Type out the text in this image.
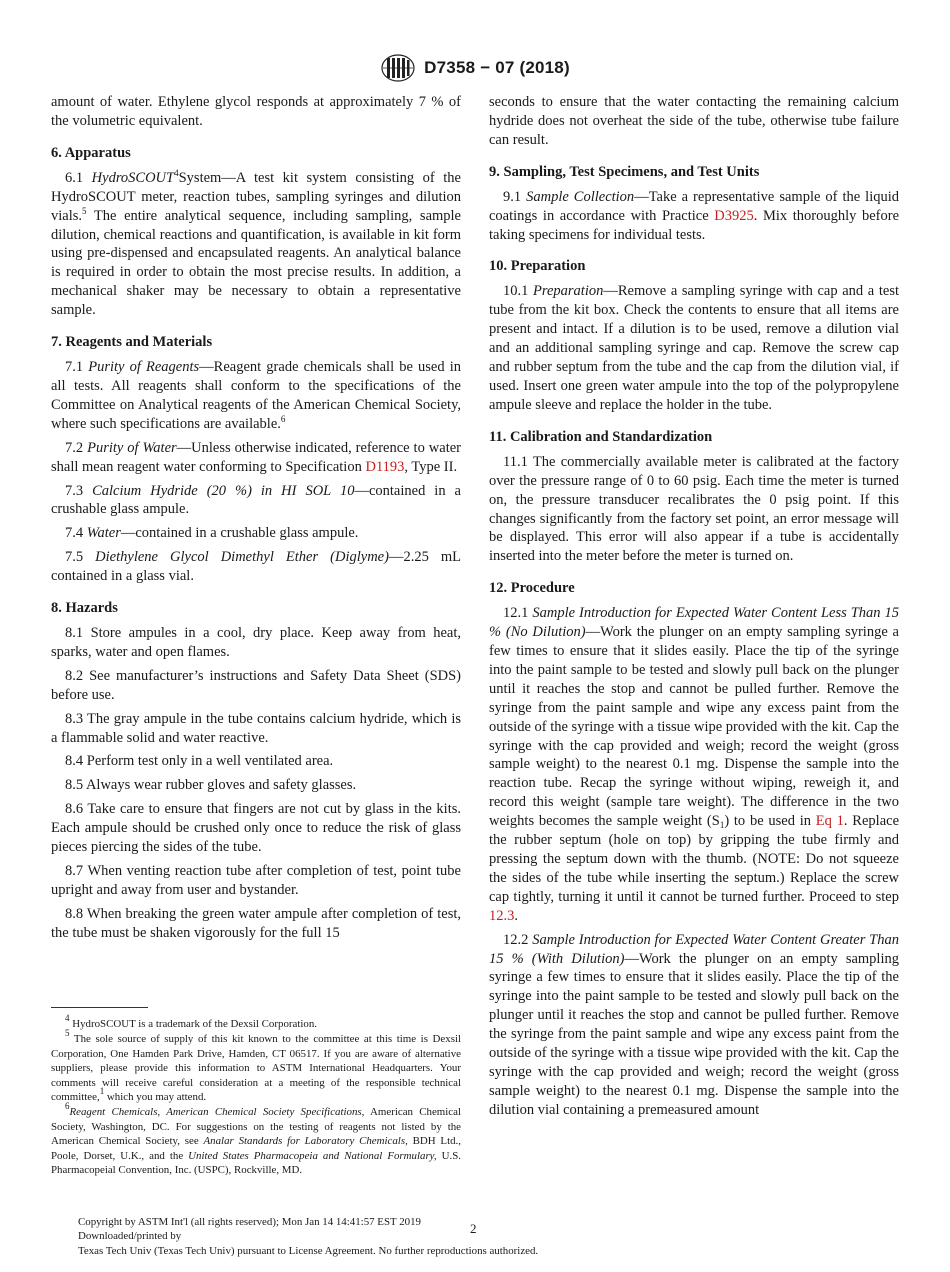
D7358 − 07 (2018)

amount of water. Ethylene glycol responds at approximately 7 % of the volumetric equivalent.

6. Apparatus

6.1 HydroSCOUT$^4$System—A test kit system consisting of the HydroSCOUT meter, reaction tubes, sampling syringes and dilution vials.$^5$ The entire analytical sequence, including sampling, sample dilution, chemical reactions and quantification, is available in kit form using pre-dispensed and encapsulated reagents. An analytical balance is required in order to obtain the most precise results. In addition, a mechanical shaker may be necessary to obtain a representative sample.

7. Reagents and Materials

7.1 Purity of Reagents—Reagent grade chemicals shall be used in all tests. All reagents shall conform to the specifications of the Committee on Analytical reagents of the American Chemical Society, where such specifications are available.$^6$

7.2 Purity of Water—Unless otherwise indicated, reference to water shall mean reagent water conforming to Specification D1193, Type II.

7.3 Calcium Hydride (20 %) in HI SOL 10—contained in a crushable glass ampule.

7.4 Water—contained in a crushable glass ampule.

7.5 Diethylene Glycol Dimethyl Ether (Diglyme)—2.25 mL contained in a glass vial.

8. Hazards

8.1 Store ampules in a cool, dry place. Keep away from heat, sparks, water and open flames.

8.2 See manufacturer’s instructions and Safety Data Sheet (SDS) before use.

8.3 The gray ampule in the tube contains calcium hydride, which is a flammable solid and water reactive.

8.4 Perform test only in a well ventilated area.

8.5 Always wear rubber gloves and safety glasses.

8.6 Take care to ensure that fingers are not cut by glass in the kits. Each ampule should be crushed only once to reduce the risk of glass pieces piercing the sides of the tube.

8.7 When venting reaction tube after completion of test, point tube upright and away from user and bystander.

8.8 When breaking the green water ampule after completion of test, the tube must be shaken vigorously for the full 15

$^4$ HydroSCOUT is a trademark of the Dexsil Corporation.

$^5$ The sole source of supply of this kit known to the committee at this time is Dexsil Corporation, One Hamden Park Drive, Hamden, CT 06517. If you are aware of alternative suppliers, please provide this information to ASTM International Headquarters. Your comments will receive careful consideration at a meeting of the responsible technical committee,$^1$ which you may attend.

$^6$Reagent Chemicals, American Chemical Society Specifications, American Chemical Society, Washington, DC. For suggestions on the testing of reagents not listed by the American Chemical Society, see Analar Standards for Laboratory Chemicals, BDH Ltd., Poole, Dorset, U.K., and the United States Pharmacopeia and National Formulary, U.S. Pharmacopeial Convention, Inc. (USPC), Rockville, MD.

seconds to ensure that the water contacting the remaining calcium hydride does not overheat the side of the tube, otherwise tube failure can result.

9. Sampling, Test Specimens, and Test Units

9.1 Sample Collection—Take a representative sample of the liquid coatings in accordance with Practice D3925. Mix thoroughly before taking specimens for individual tests.

10. Preparation

10.1 Preparation—Remove a sampling syringe with cap and a test tube from the kit box. Check the contents to ensure that all items are present and intact. If a dilution is to be used, remove a dilution vial and an additional sampling syringe and cap. Remove the screw cap and rubber septum from the tube and the cap from the dilution vial, if used. Insert one green water ampule into the top of the polypropylene ampule sleeve and replace the holder in the tube.

11. Calibration and Standardization

11.1 The commercially available meter is calibrated at the factory over the pressure range of 0 to 60 psig. Each time the meter is turned on, the pressure transducer recalibrates the 0 psig point. If this changes significantly from the factory set point, an error message will be displayed. This error will also appear if a tube is accidentally inserted into the meter before the meter is turned on.

12. Procedure

12.1 Sample Introduction for Expected Water Content Less Than 15 % (No Dilution)—Work the plunger on an empty sampling syringe a few times to ensure that it slides easily. Place the tip of the syringe into the paint sample to be tested and slowly pull back on the plunger until it reaches the stop and cannot be pulled further. Remove the syringe from the paint sample and wipe any excess paint from the outside of the syringe with a tissue wipe provided with the kit. Cap the syringe with the cap provided and weigh; record the weight (gross sample weight) to the nearest 0.1 mg. Dispense the sample into the reaction tube. Recap the syringe without wiping, reweigh it, and record this weight (sample tare weight). The difference in the two weights becomes the sample weight $(S_1)$ to be used in Eq 1. Replace the rubber septum (hole on top) by gripping the tube firmly and pressing the septum down with the thumb. (NOTE: Do not squeeze the sides of the tube while inserting the septum.) Replace the screw cap tightly, turning it until it cannot be turned further. Proceed to step 12.3.

12.2 Sample Introduction for Expected Water Content Greater Than 15 % (With Dilution)—Work the plunger on an empty sampling syringe a few times to ensure that it slides easily. Place the tip of the syringe into the paint sample to be tested and slowly pull back on the plunger until it reaches the stop and cannot be pulled further. Remove the syringe from the paint sample and wipe any excess paint from the outside of the syringe with a tissue wipe provided with the kit. Cap the syringe with the cap provided and weigh; record the weight (gross sample weight) to the nearest 0.1 mg. Dispense the sample into the dilution vial containing a premeasured amount

Copyright by ASTM Int'l (all rights reserved); Mon Jan 14 14:41:57 EST 2019
Downloaded/printed by
Texas Tech Univ (Texas Tech Univ) pursuant to License Agreement. No further reproductions authorized.
2
